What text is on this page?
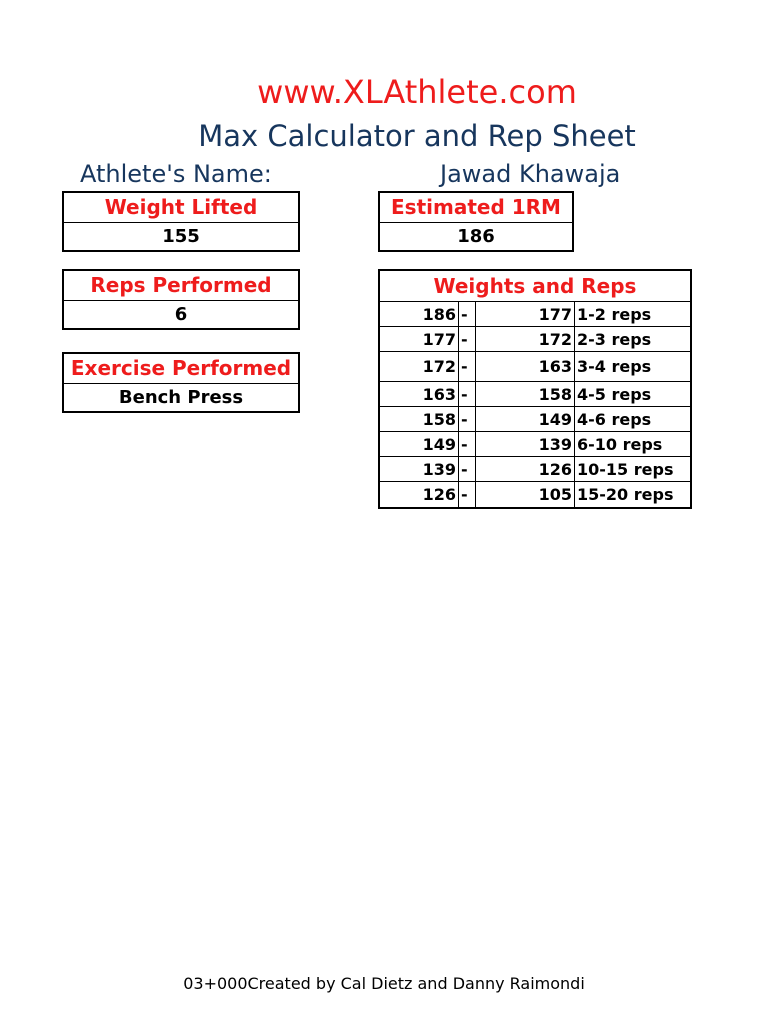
www.XLAthlete.com
Max Calculator and Rep Sheet
Athlete's Name:	Jawad Khawaja
Weight Lifted
155
Estimated 1RM
186
Reps Performed
6
Exercise Performed
Bench Press
Weights and Reps
186 -	177 1-2 reps
177 -	172 2-3 reps
172 -	163 3-4 reps
163 -	158 4-5 reps
158 -	149 4-6 reps
149 -	139 6-10 reps
139 -	126 10-15 reps
126 -	105 15-20 reps
03+000Created by Cal Dietz and Danny Raimondi
